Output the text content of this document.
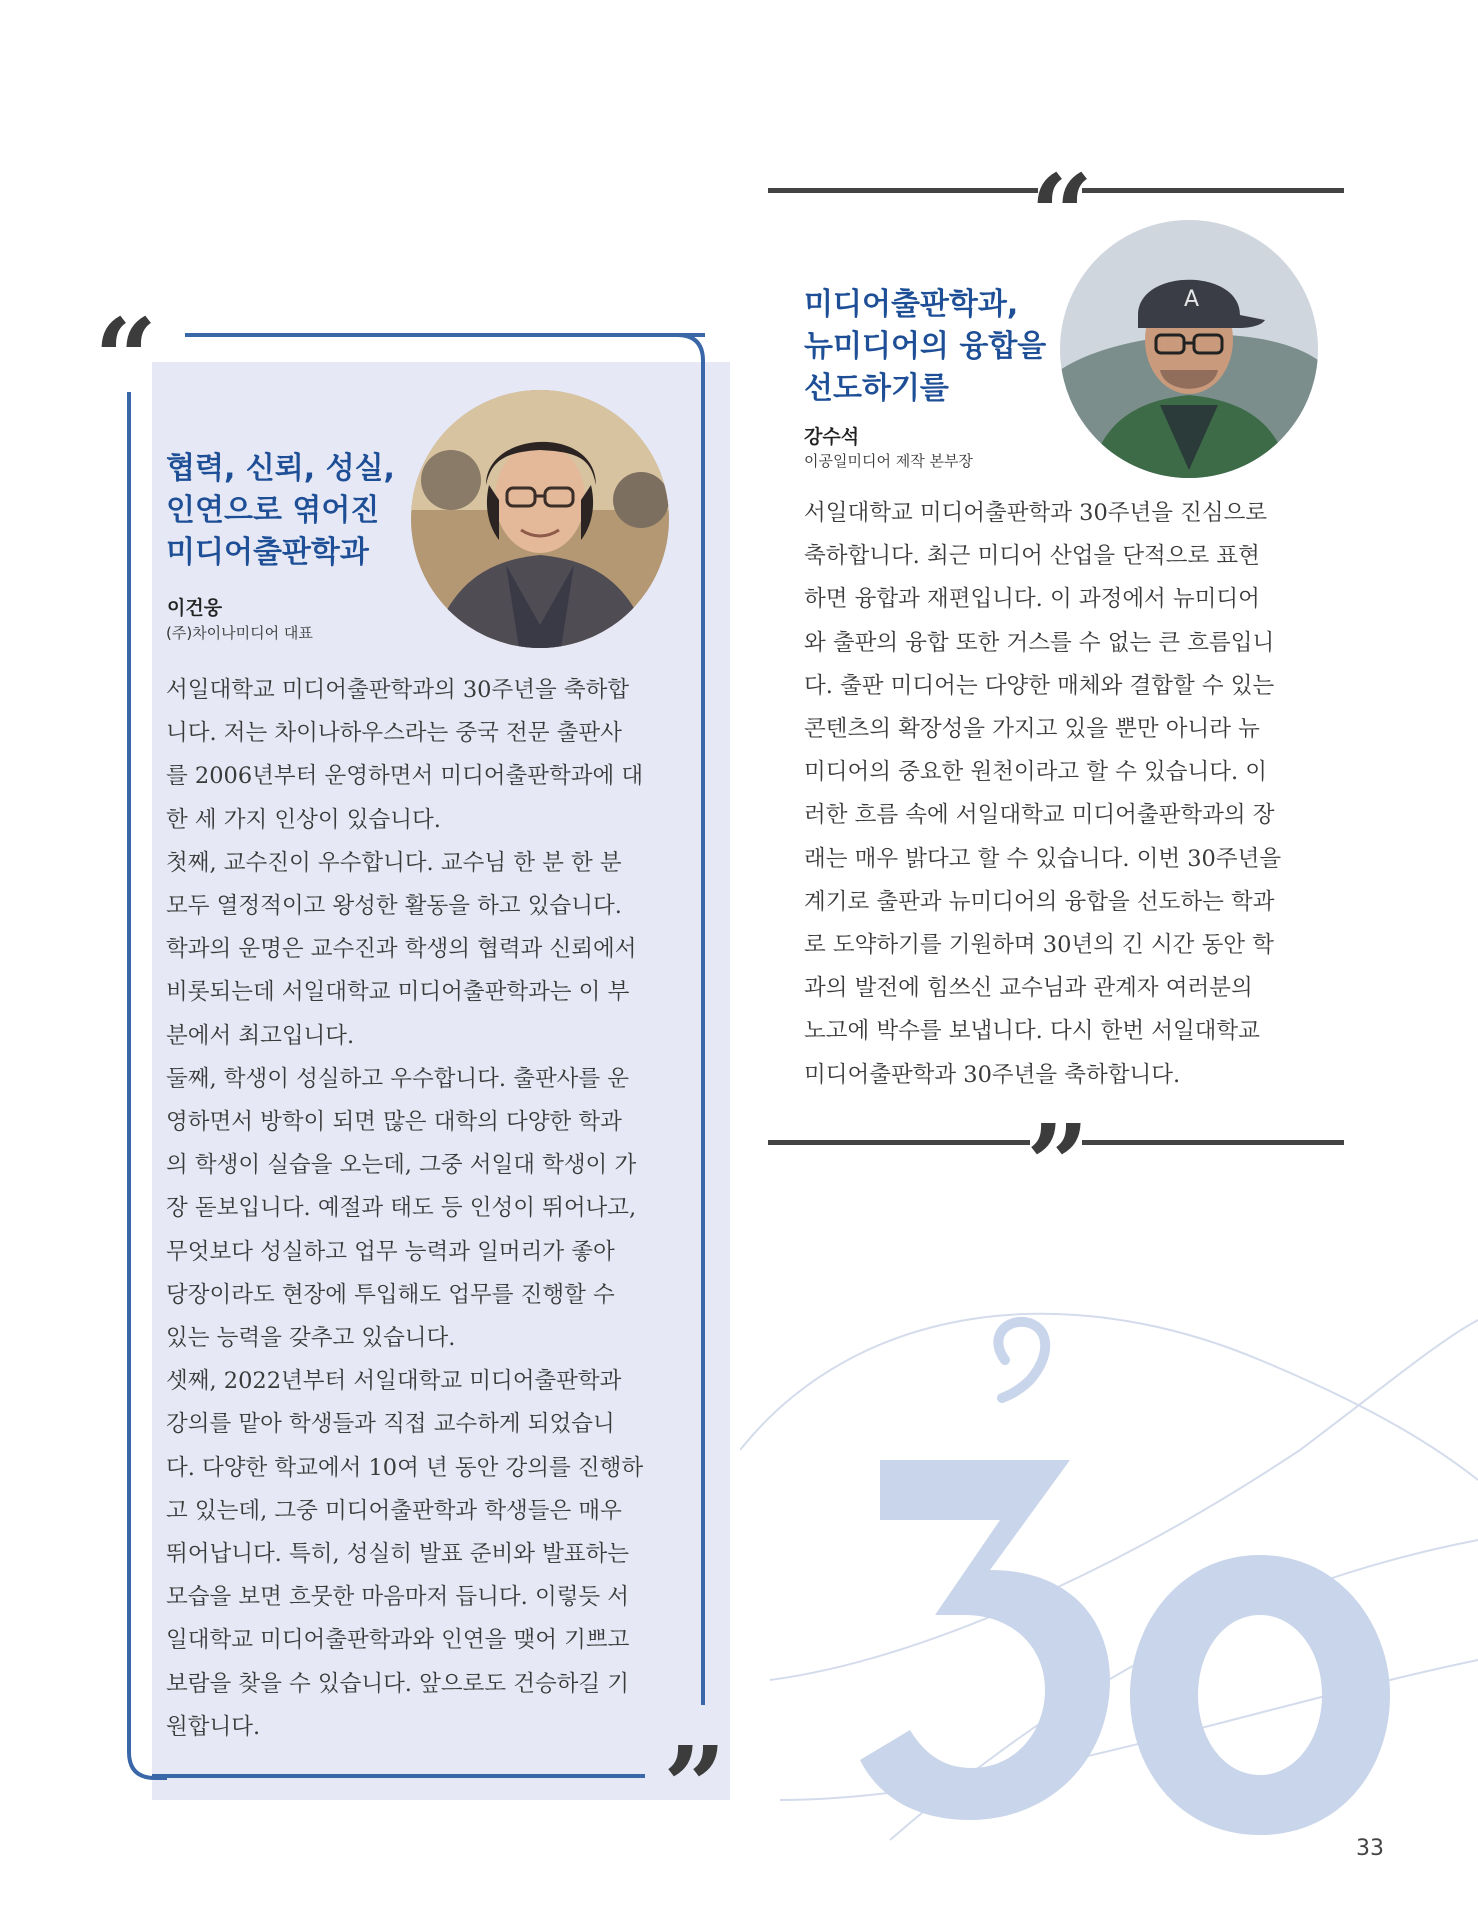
“
”
협력, 신뢰, 성실,
인연으로 엮어진
미디어출판학과
이건웅
(주)차이나미디어 대표
서일대학교 미디어출판학과의 30주년을 축하합
니다. 저는 차이나하우스라는 중국 전문 출판사
를 2006년부터 운영하면서 미디어출판학과에 대
한 세 가지 인상이 있습니다.
첫째, 교수진이 우수합니다. 교수님 한 분 한 분
모두 열정적이고 왕성한 활동을 하고 있습니다.
학과의 운명은 교수진과 학생의 협력과 신뢰에서
비롯되는데 서일대학교 미디어출판학과는 이 부
분에서 최고입니다.
둘째, 학생이 성실하고 우수합니다. 출판사를 운
영하면서 방학이 되면 많은 대학의 다양한 학과
의 학생이 실습을 오는데, 그중 서일대 학생이 가
장 돋보입니다. 예절과 태도 등 인성이 뛰어나고,
무엇보다 성실하고 업무 능력과 일머리가 좋아
당장이라도 현장에 투입해도 업무를 진행할 수
있는 능력을 갖추고 있습니다.
셋째, 2022년부터 서일대학교 미디어출판학과
강의를 맡아 학생들과 직접 교수하게 되었습니
다. 다양한 학교에서 10여 년 동안 강의를 진행하
고 있는데, 그중 미디어출판학과 학생들은 매우
뛰어납니다. 특히, 성실히 발표 준비와 발표하는
모습을 보면 흐뭇한 마음마저 듭니다. 이렇듯 서
일대학교 미디어출판학과와 인연을 맺어 기쁘고
보람을 찾을 수 있습니다. 앞으로도 건승하길 기
원합니다.
“
”
미디어출판학과,
뉴미디어의 융합을
선도하기를
강수석
이공일미디어 제작 본부장
A
서일대학교 미디어출판학과 30주년을 진심으로
축하합니다. 최근 미디어 산업을 단적으로 표현
하면 융합과 재편입니다. 이 과정에서 뉴미디어
와 출판의 융합 또한 거스를 수 없는 큰 흐름입니
다. 출판 미디어는 다양한 매체와 결합할 수 있는
콘텐츠의 확장성을 가지고 있을 뿐만 아니라 뉴
미디어의 중요한 원천이라고 할 수 있습니다. 이
러한 흐름 속에 서일대학교 미디어출판학과의 장
래는 매우 밝다고 할 수 있습니다. 이번 30주년을
계기로 출판과 뉴미디어의 융합을 선도하는 학과
로 도약하기를 기원하며 30년의 긴 시간 동안 학
과의 발전에 힘쓰신 교수님과 관계자 여러분의
노고에 박수를 보냅니다. 다시 한번 서일대학교
미디어출판학과 30주년을 축하합니다.
33
